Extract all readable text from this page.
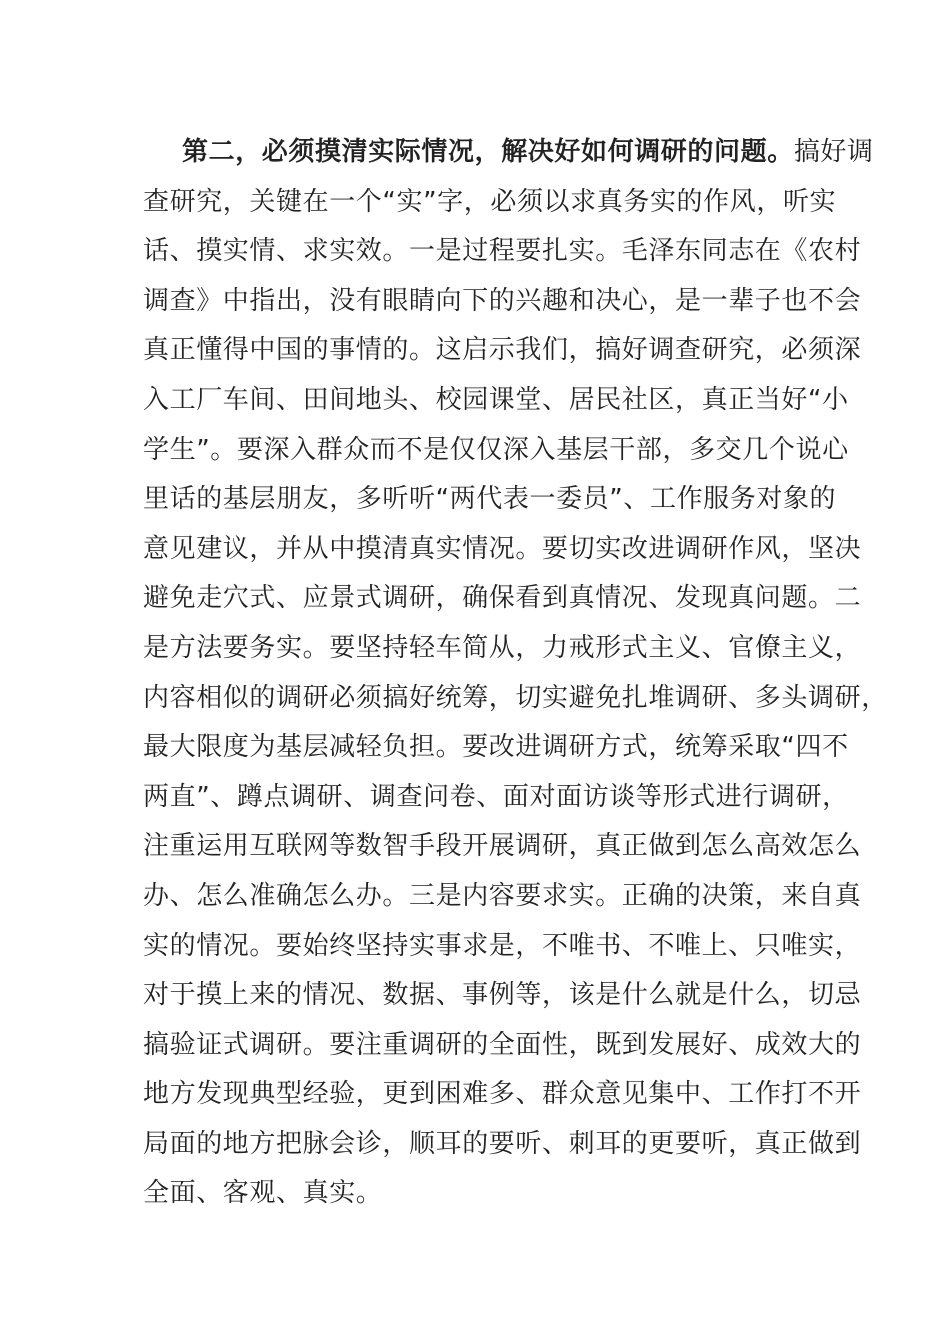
第二，必须摸清实际情况，解决好如何调研的问题。搞好调
查研究，关键在一个“实”字，必须以求真务实的作风，听实
话、摸实情、求实效。一是过程要扎实。毛泽东同志在《农村
调查》中指出，没有眼睛向下的兴趣和决心，是一辈子也不会
真正懂得中国的事情的。这启示我们，搞好调查研究，必须深
入工厂车间、田间地头、校园课堂、居民社区，真正当好“小
学生”。要深入群众而不是仅仅深入基层干部，多交几个说心
里话的基层朋友，多听听“两代表一委员”、工作服务对象的
意见建议，并从中摸清真实情况。要切实改进调研作风，坚决
避免走穴式、应景式调研，确保看到真情况、发现真问题。二
是方法要务实。要坚持轻车简从，力戒形式主义、官僚主义，
内容相似的调研必须搞好统筹，切实避免扎堆调研、多头调研，
最大限度为基层减轻负担。要改进调研方式，统筹采取“四不
两直”、蹲点调研、调查问卷、面对面访谈等形式进行调研，
注重运用互联网等数智手段开展调研，真正做到怎么高效怎么
办、怎么准确怎么办。三是内容要求实。正确的决策，来自真
实的情况。要始终坚持实事求是，不唯书、不唯上、只唯实，
对于摸上来的情况、数据、事例等，该是什么就是什么，切忌
搞验证式调研。要注重调研的全面性，既到发展好、成效大的
地方发现典型经验，更到困难多、群众意见集中、工作打不开
局面的地方把脉会诊，顺耳的要听、刺耳的更要听，真正做到
全面、客观、真实。
